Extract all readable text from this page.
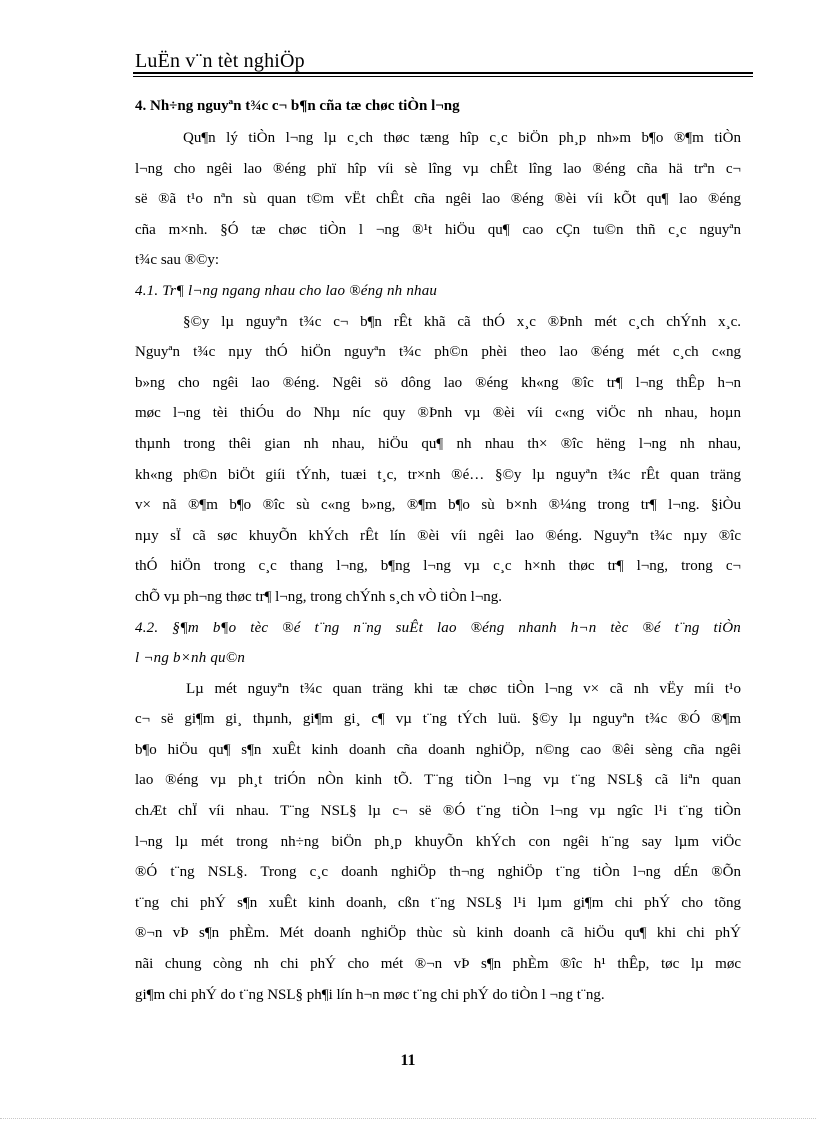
LuËn v¨n tèt nghiÖp
4. Nh÷ng nguyªn t¾c c¬ b¶n cña tæ chøc tiÒn l¬ng
Qu¶n lý tiÒn l¬ng lµ c¸ch thøc tæng hîp c¸c biÖn ph¸p nh»m b¶o ®¶m tiÒn
l¬ng cho ngêi lao ®éng phï hîp víi sè lîng vµ chÊt lîng lao ®éng cña hä trªn c¬
së ®ã t¹o nªn sù quan t©m vËt chÊt cña ngêi lao ®éng ®èi víi kÕt qu¶ lao ®éng
cña m×nh. §Ó tæ chøc tiÒn l ¬ng ®¹t hiÖu qu¶ cao cÇn tu©n thñ c¸c nguyªn
t¾c sau ®©y:
4.1. Tr¶ l¬ng ngang nhau cho lao ®éng nh nhau
§©y lµ nguyªn t¾c c¬ b¶n rÊt khã cã thÓ x¸c ®Þnh mét c¸ch chÝnh x¸c.
Nguyªn t¾c nµy thÓ hiÖn nguyªn t¾c ph©n phèi theo lao ®éng mét c¸ch c«ng
b»ng cho ngêi lao ®éng. Ngêi sö dông lao ®éng kh«ng ®îc tr¶ l¬ng thÊp h¬n
møc l¬ng tèi thiÓu do Nhµ níc quy ®Þnh vµ ®èi víi c«ng viÖc nh nhau, hoµn
thµnh trong thêi gian nh nhau, hiÖu qu¶ nh nhau th× ®îc hëng l¬ng nh nhau,
kh«ng ph©n biÖt giíi tÝnh, tuæi t¸c, tr×nh ®é… §©y lµ nguyªn t¾c rÊt quan träng
v× nã ®¶m b¶o ®îc sù c«ng b»ng, ®¶m b¶o sù b×nh ®¼ng trong tr¶ l¬ng. §iÒu
nµy sÏ cã søc khuyÕn khÝch rÊt lín ®èi víi ngêi lao ®éng. Nguyªn t¾c nµy ®îc
thÓ hiÖn trong c¸c thang l¬ng, b¶ng l¬ng vµ c¸c h×nh thøc tr¶ l¬ng, trong c¬
chÕ vµ ph¬ng thøc tr¶ l¬ng, trong chÝnh s¸ch vÒ tiÒn l¬ng.
4.2. §¶m b¶o tèc ®é t¨ng n¨ng suÊt lao ®éng nhanh h¬n tèc ®é t¨ng tiÒn
l ¬ng b×nh qu©n
Lµ mét nguyªn t¾c quan träng khi tæ chøc tiÒn l¬ng v× cã nh vËy míi t¹o
c¬ së gi¶m gi¸ thµnh, gi¶m gi¸ c¶ vµ t¨ng tÝch luü. §©y lµ nguyªn t¾c ®Ó ®¶m
b¶o hiÖu qu¶ s¶n xuÊt kinh doanh cña doanh nghiÖp, n©ng cao ®êi sèng cña ngêi
lao ®éng vµ ph¸t triÓn nÒn kinh tÕ. T¨ng tiÒn l¬ng vµ t¨ng NSL§ cã liªn quan
chÆt chÏ víi nhau. T¨ng NSL§ lµ c¬ së ®Ó t¨ng tiÒn l¬ng vµ ngîc l¹i t¨ng tiÒn
l¬ng lµ mét trong nh÷ng biÖn ph¸p khuyÕn khÝch con ngêi h¨ng say lµm viÖc
®Ó t¨ng NSL§. Trong c¸c doanh nghiÖp th¬ng nghiÖp t¨ng tiÒn l¬ng dÉn ®Õn
t¨ng chi phÝ s¶n xuÊt kinh doanh, cßn t¨ng NSL§ l¹i lµm gi¶m chi phÝ cho tõng
®¬n vÞ s¶n phÈm. Mét doanh nghiÖp thùc sù kinh doanh cã hiÖu qu¶ khi chi phÝ
nãi chung còng nh chi phÝ cho mét ®¬n vÞ s¶n phÈm ®îc h¹ thÊp, tøc lµ møc
gi¶m chi phÝ do t¨ng NSL§ ph¶i lín h¬n møc t¨ng chi phÝ do tiÒn l ¬ng t¨ng.
11
